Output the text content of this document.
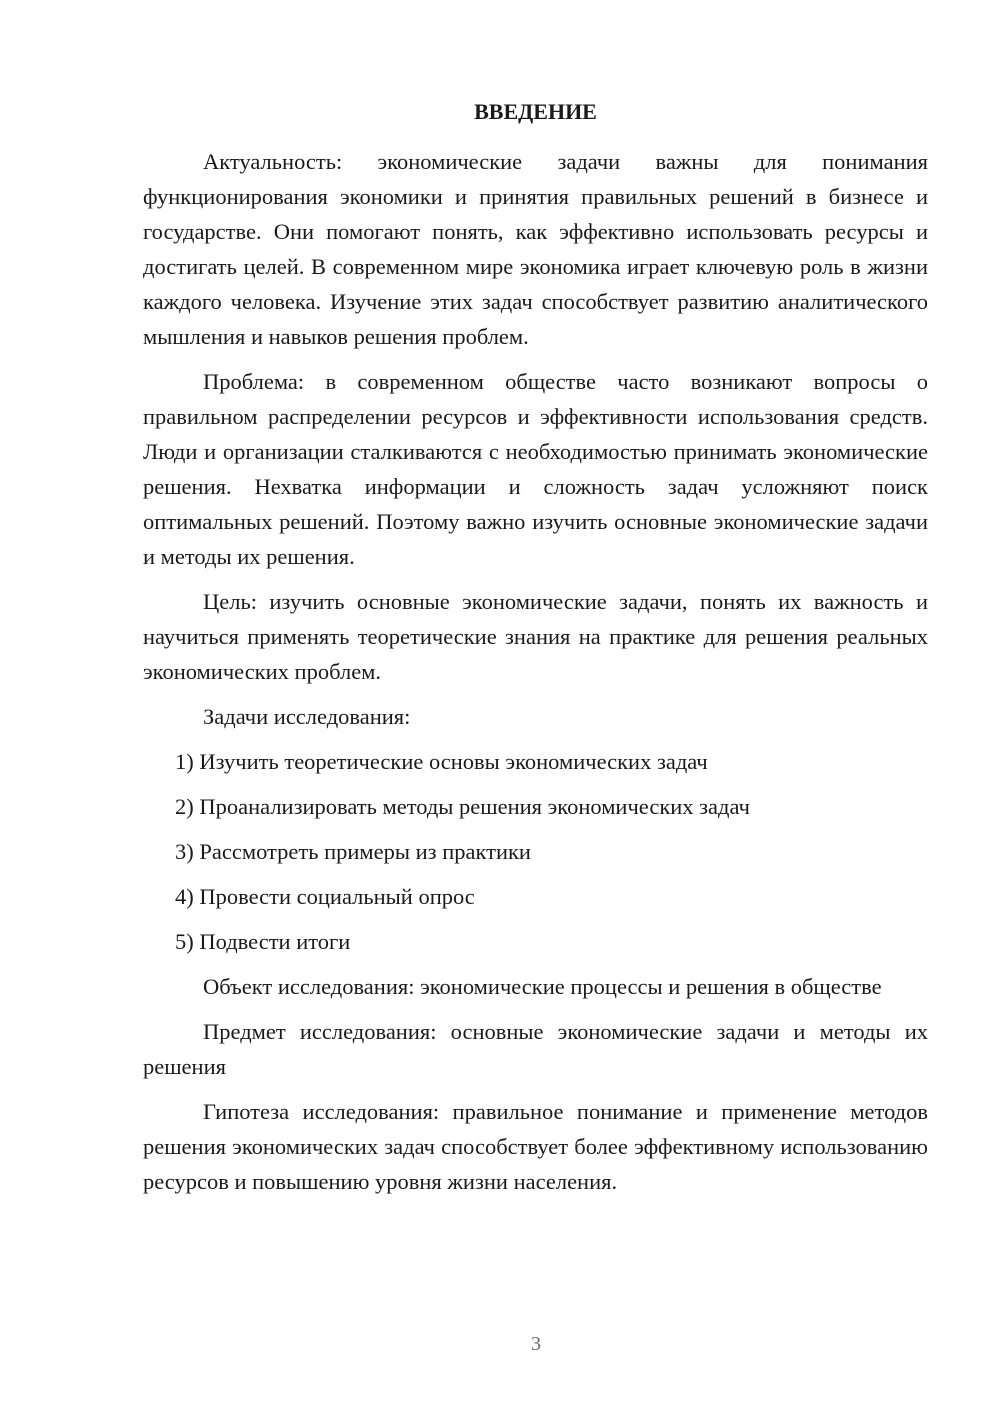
ВВЕДЕНИЕ

Актуальность: экономические задачи важны для понимания функционирования экономики и принятия правильных решений в бизнесе и государстве. Они помогают понять, как эффективно использовать ресурсы и достигать целей. В современном мире экономика играет ключевую роль в жизни каждого человека. Изучение этих задач способствует развитию аналитического мышления и навыков решения проблем.

Проблема: в современном обществе часто возникают вопросы о правильном распределении ресурсов и эффективности использования средств. Люди и организации сталкиваются с необходимостью принимать экономические решения. Нехватка информации и сложность задач усложняют поиск оптимальных решений. Поэтому важно изучить основные экономические задачи и методы их решения.

Цель: изучить основные экономические задачи, понять их важность и научиться применять теоретические знания на практике для решения реальных экономических проблем.

Задачи исследования:

1) Изучить теоретические основы экономических задач
2) Проанализировать методы решения экономических задач
3) Рассмотреть примеры из практики
4) Провести социальный опрос
5) Подвести итоги

Объект исследования: экономические процессы и решения в обществе

Предмет исследования: основные экономические задачи и методы их решения

Гипотеза исследования: правильное понимание и применение методов решения экономических задач способствует более эффективному использованию ресурсов и повышению уровня жизни населения.

3
